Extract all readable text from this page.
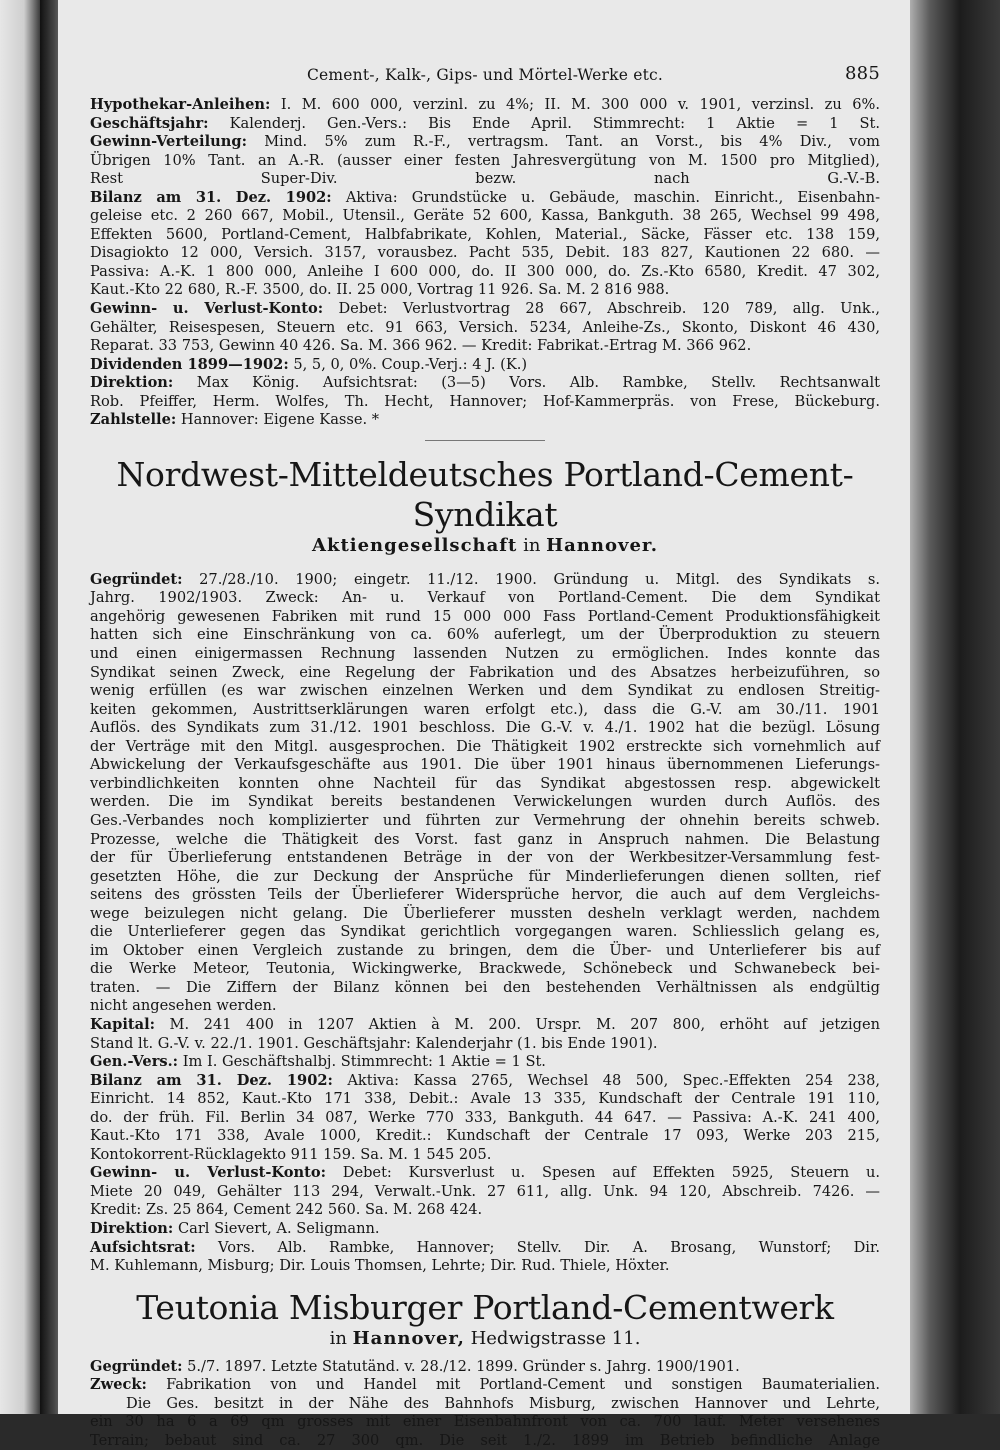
Cement-, Kalk-, Gips- und Mörtel-Werke etc.	885
Hypothekar-Anleihen: I. M. 600 000, verzinl. zu 4%; II. M. 300 000 v. 1901, verzinsl. zu 6%.
Geschäftsjahr: Kalenderj. Gen.-Vers.: Bis Ende April. Stimmrecht: 1 Aktie = 1 St.
Gewinn-Verteilung: Mind. 5% zum R.-F., vertragsm. Tant. an Vorst., bis 4% Div., vom
Übrigen 10% Tant. an A.-R. (ausser einer festen Jahresvergütung von M. 1500 pro Mitglied),
Rest Super-Div. bezw. nach G.-V.-B.
Bilanz am 31. Dez. 1902: Aktiva: Grundstücke u. Gebäude, maschin. Einricht., Eisenbahn-
geleise etc. 2 260 667, Mobil., Utensil., Geräte 52 600, Kassa, Bankguth. 38 265, Wechsel 99 498,
Effekten 5600, Portland-Cement, Halbfabrikate, Kohlen, Material., Säcke, Fässer etc. 138 159,
Disagiokto 12 000, Versich. 3157, vorausbez. Pacht 535, Debit. 183 827, Kautionen 22 680. —
Passiva: A.-K. 1 800 000, Anleihe I 600 000, do. II 300 000, do. Zs.-Kto 6580, Kredit. 47 302,
Kaut.-Kto 22 680, R.-F. 3500, do. II. 25 000, Vortrag 11 926. Sa. M. 2 816 988.
Gewinn- u. Verlust-Konto: Debet: Verlustvortrag 28 667, Abschreib. 120 789, allg. Unk.,
Gehälter, Reisespesen, Steuern etc. 91 663, Versich. 5234, Anleihe-Zs., Skonto, Diskont 46 430,
Reparat. 33 753, Gewinn 40 426. Sa. M. 366 962. — Kredit: Fabrikat.-Ertrag M. 366 962.
Dividenden 1899—1902: 5, 5, 0, 0%. Coup.-Verj.: 4 J. (K.)
Direktion: Max König. Aufsichtsrat: (3—5) Vors. Alb. Rambke, Stellv. Rechtsanwalt
Rob. Pfeiffer, Herm. Wolfes, Th. Hecht, Hannover; Hof-Kammerpräs. von Frese, Bückeburg.
Zahlstelle: Hannover: Eigene Kasse. *
Nordwest-Mitteldeutsches Portland-Cement-Syndikat
Aktiengesellschaft in Hannover.
Gegründet: 27./28./10. 1900; eingetr. 11./12. 1900. Gründung u. Mitgl. des Syndikats s.
Jahrg. 1902/1903. Zweck: An- u. Verkauf von Portland-Cement. Die dem Syndikat
angehörig gewesenen Fabriken mit rund 15 000 000 Fass Portland-Cement Produktionsfähigkeit
hatten sich eine Einschränkung von ca. 60% auferlegt, um der Überproduktion zu steuern
und einen einigermassen Rechnung lassenden Nutzen zu ermöglichen. Indes konnte das
Syndikat seinen Zweck, eine Regelung der Fabrikation und des Absatzes herbeizuführen, so
wenig erfüllen (es war zwischen einzelnen Werken und dem Syndikat zu endlosen Streitig-
keiten gekommen, Austrittserklärungen waren erfolgt etc.), dass die G.-V. am 30./11. 1901
Auflös. des Syndikats zum 31./12. 1901 beschloss. Die G.-V. v. 4./1. 1902 hat die bezügl. Lösung
der Verträge mit den Mitgl. ausgesprochen. Die Thätigkeit 1902 erstreckte sich vornehmlich auf
Abwickelung der Verkaufsgeschäfte aus 1901. Die über 1901 hinaus übernommenen Lieferungs-
verbindlichkeiten konnten ohne Nachteil für das Syndikat abgestossen resp. abgewickelt
werden. Die im Syndikat bereits bestandenen Verwickelungen wurden durch Auflös. des
Ges.-Verbandes noch komplizierter und führten zur Vermehrung der ohnehin bereits schweb.
Prozesse, welche die Thätigkeit des Vorst. fast ganz in Anspruch nahmen. Die Belastung
der für Überlieferung entstandenen Beträge in der von der Werkbesitzer-Versammlung fest-
gesetzten Höhe, die zur Deckung der Ansprüche für Minderlieferungen dienen sollten, rief
seitens des grössten Teils der Überlieferer Widersprüche hervor, die auch auf dem Vergleichs-
wege beizulegen nicht gelang. Die Überlieferer mussten desheln verklagt werden, nachdem
die Unterlieferer gegen das Syndikat gerichtlich vorgegangen waren. Schliesslich gelang es,
im Oktober einen Vergleich zustande zu bringen, dem die Über- und Unterlieferer bis auf
die Werke Meteor, Teutonia, Wickingwerke, Brackwede, Schönebeck und Schwanebeck bei-
traten. — Die Ziffern der Bilanz können bei den bestehenden Verhältnissen als endgültig
nicht angesehen werden.
Kapital: M. 241 400 in 1207 Aktien à M. 200. Urspr. M. 207 800, erhöht auf jetzigen
Stand lt. G.-V. v. 22./1. 1901. Geschäftsjahr: Kalenderjahr (1. bis Ende 1901).
Gen.-Vers.: Im I. Geschäftshalbj. Stimmrecht: 1 Aktie = 1 St.
Bilanz am 31. Dez. 1902: Aktiva: Kassa 2765, Wechsel 48 500, Spec.-Effekten 254 238,
Einricht. 14 852, Kaut.-Kto 171 338, Debit.: Avale 13 335, Kundschaft der Centrale 191 110,
do. der früh. Fil. Berlin 34 087, Werke 770 333, Bankguth. 44 647. — Passiva: A.-K. 241 400,
Kaut.-Kto 171 338, Avale 1000, Kredit.: Kundschaft der Centrale 17 093, Werke 203 215,
Kontokorrent-Rücklagekto 911 159. Sa. M. 1 545 205.
Gewinn- u. Verlust-Konto: Debet: Kursverlust u. Spesen auf Effekten 5925, Steuern u.
Miete 20 049, Gehälter 113 294, Verwalt.-Unk. 27 611, allg. Unk. 94 120, Abschreib. 7426. —
Kredit: Zs. 25 864, Cement 242 560. Sa. M. 268 424.
Direktion: Carl Sievert, A. Seligmann.
Aufsichtsrat: Vors. Alb. Rambke, Hannover; Stellv. Dir. A. Brosang, Wunstorf; Dir.
M. Kuhlemann, Misburg; Dir. Louis Thomsen, Lehrte; Dir. Rud. Thiele, Höxter.
Teutonia Misburger Portland-Cementwerk
in Hannover, Hedwigstrasse 11.
Gegründet: 5./7. 1897. Letzte Statutänd. v. 28./12. 1899. Gründer s. Jahrg. 1900/1901.
Zweck: Fabrikation von und Handel mit Portland-Cement und sonstigen Baumaterialien.
Die Ges. besitzt in der Nähe des Bahnhofs Misburg, zwischen Hannover und Lehrte,
ein 30 ha 6 a 69 qm grosses mit einer Eisenbahnfront von ca. 700 lauf. Meter versehenes
Terrain; bebaut sind ca. 27 300 qm. Die seit 1./2. 1899 im Betrieb befindliche Anlage
